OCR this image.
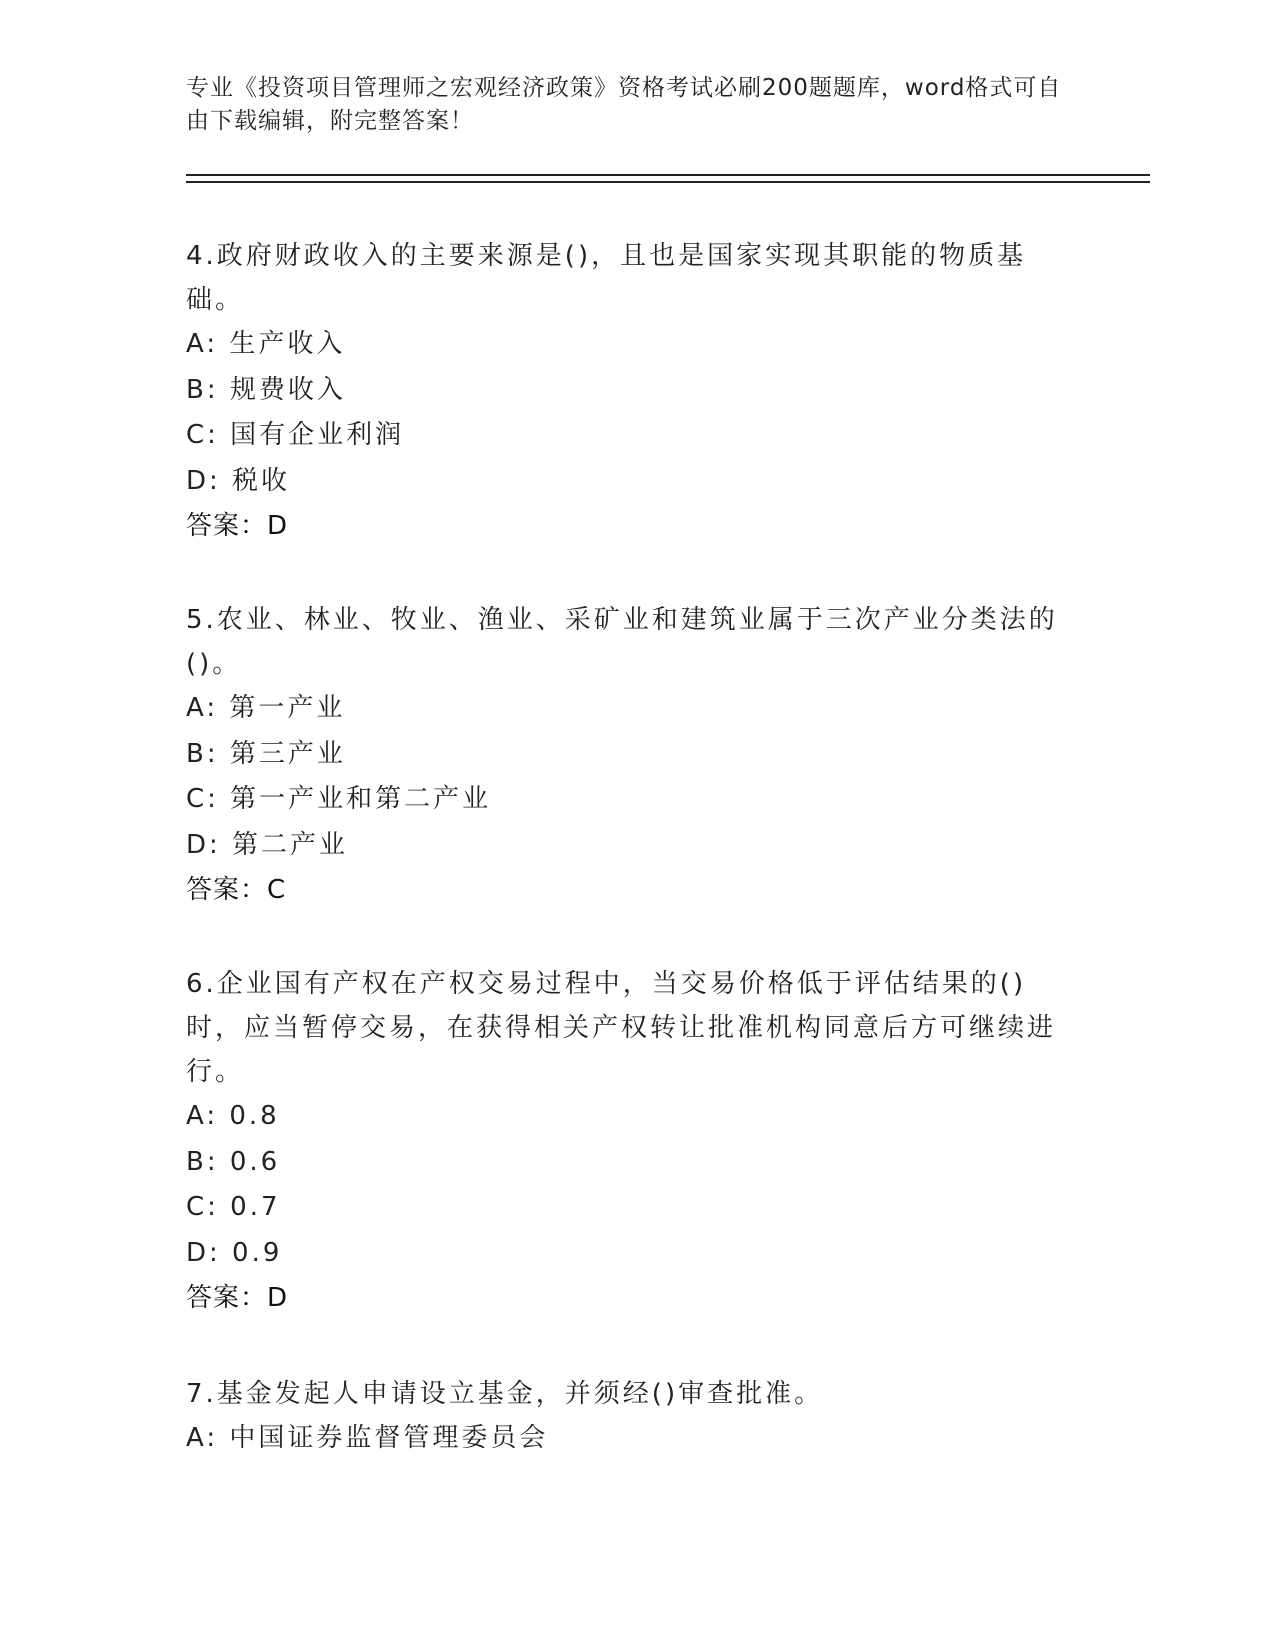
专业《投资项目管理师之宏观经济政策》资格考试必刷200题题库，word格式可自由下载编辑，附完整答案！

4.政府财政收入的主要来源是()，且也是国家实现其职能的物质基础。

A: 生产收入

B: 规费收入

C: 国有企业利润

D: 税收

答案：D

5.农业、林业、牧业、渔业、采矿业和建筑业属于三次产业分类法的()。

A: 第一产业

B: 第三产业

C: 第一产业和第二产业

D: 第二产业

答案：C

6.企业国有产权在产权交易过程中，当交易价格低于评估结果的()时，应当暂停交易，在获得相关产权转让批准机构同意后方可继续进行。

A: 0.8

B: 0.6

C: 0.7

D: 0.9

答案：D

7.基金发起人申请设立基金，并须经()审查批准。

A: 中国证券监督管理委员会
